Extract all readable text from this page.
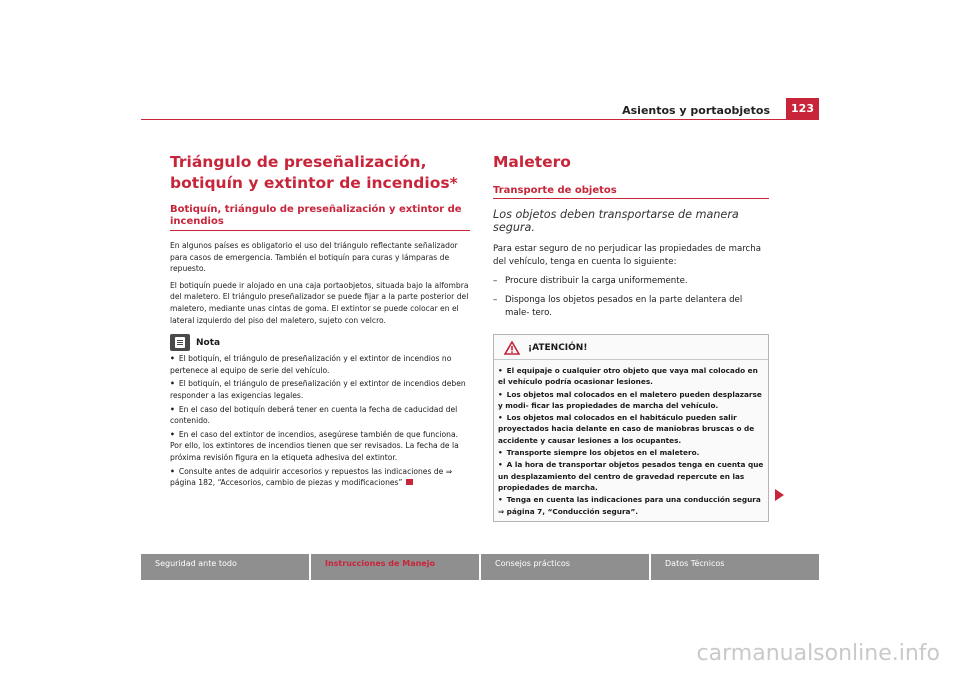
Asientos y portaobjetos	123
Triángulo de preseñalización, botiquín y extintor de incendios*
Botiquín, triángulo de preseñalización y extintor de incendios
En algunos países es obligatorio el uso del triángulo reflectante señalizador para casos de emergencia. También el botiquín para curas y lámparas de repuesto.
El botiquín puede ir alojado en una caja portaobjetos, situada bajo la alfombra del maletero. El triángulo preseñalizador se puede fijar a la parte posterior del maletero, mediante unas cintas de goma. El extintor se puede colocar en el lateral izquierdo del piso del maletero, sujeto con velcro.
Nota
• El botiquín, el triángulo de preseñalización y el extintor de incendios no pertenece al equipo de serie del vehículo.
• El botiquín, el triángulo de preseñalización y el extintor de incendios deben responder a las exigencias legales.
• En el caso del botiquín deberá tener en cuenta la fecha de caducidad del contenido.
• En el caso del extintor de incendios, asegúrese también de que funciona. Por ello, los extintores de incendios tienen que ser revisados. La fecha de la próxima revisión figura en la etiqueta adhesiva del extintor.
• Consulte antes de adquirir accesorios y repuestos las indicaciones de ⇒ página 182, “Accesorios, cambio de piezas y modificaciones”
Maletero
Transporte de objetos
Los objetos deben transportarse de manera segura.
Para estar seguro de no perjudicar las propiedades de marcha del vehículo, tenga en cuenta lo siguiente:
– Procure distribuir la carga uniformemente.
– Disponga los objetos pesados en la parte delantera del male- tero.
¡ATENCIÓN!
• El equipaje o cualquier otro objeto que vaya mal colocado en el vehículo podría ocasionar lesiones.
• Los objetos mal colocados en el maletero pueden desplazarse y modi- ficar las propiedades de marcha del vehículo.
• Los objetos mal colocados en el habitáculo pueden salir proyectados hacia delante en caso de maniobras bruscas o de accidente y causar lesiones a los ocupantes.
• Transporte siempre los objetos en el maletero.
• A la hora de transportar objetos pesados tenga en cuenta que un desplazamiento del centro de gravedad repercute en las propiedades de marcha.
• Tenga en cuenta las indicaciones para una conducción segura ⇒ página 7, “Conducción segura”.
Seguridad ante todo	Instrucciones de Manejo	Consejos prácticos	Datos Técnicos
carmanualsonline.info
